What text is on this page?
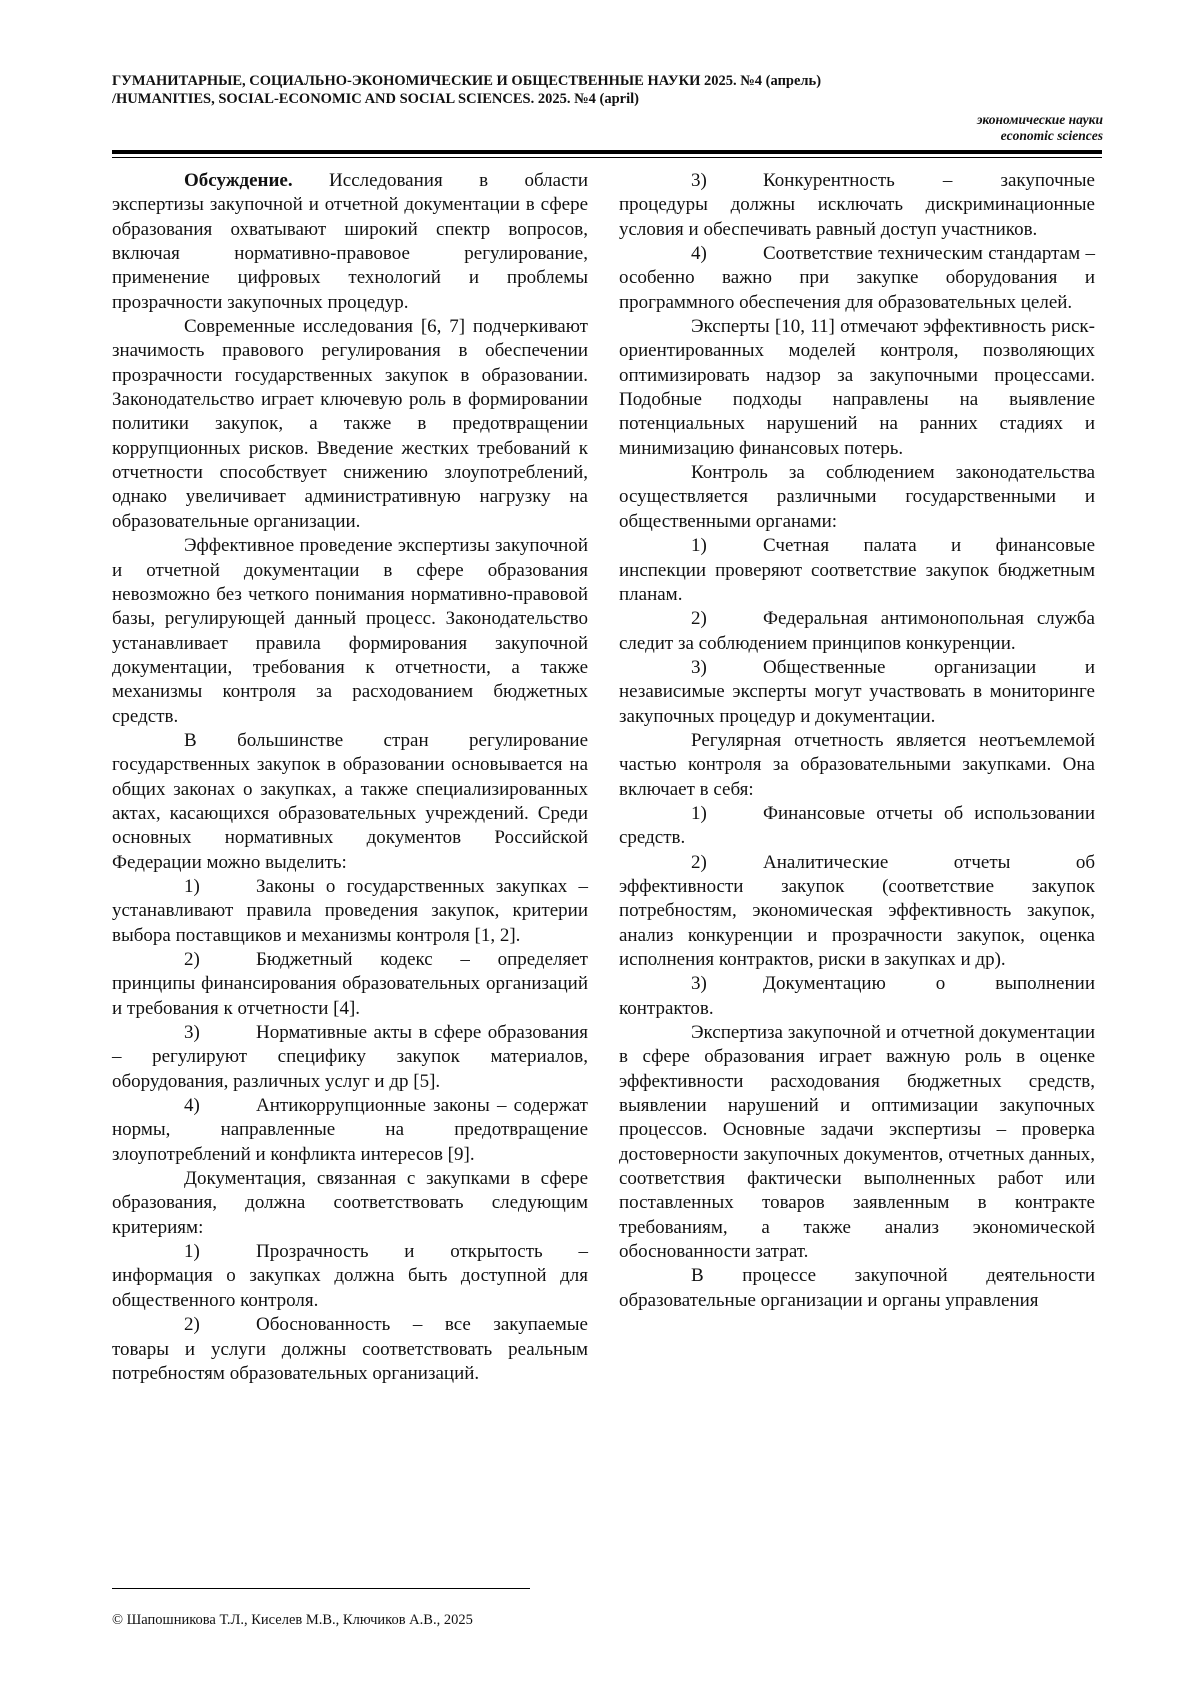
ГУМАНИТАРНЫЕ, СОЦИАЛЬНО-ЭКОНОМИЧЕСКИЕ И ОБЩЕСТВЕННЫЕ НАУКИ 2025. №4 (апрель)
/HUMANITIES, SOCIAL-ECONOMIC AND SOCIAL SCIENCES. 2025. №4 (april)
экономические науки
economic sciences

Обсуждение. Исследования в области экспертизы закупочной и отчетной документации в сфере образования охватывают широкий спектр вопросов, включая нормативно-правовое регулирование, применение цифровых технологий и проблемы прозрачности закупочных процедур.

Современные исследования [6, 7] подчеркивают значимость правового регулирования в обеспечении прозрачности государственных закупок в образовании. Законодательство играет ключевую роль в формировании политики закупок, а также в предотвращении коррупционных рисков. Введение жестких требований к отчетности способствует снижению злоупотреблений, однако увеличивает административную нагрузку на образовательные организации.

Эффективное проведение экспертизы закупочной и отчетной документации в сфере образования невозможно без четкого понимания нормативно-правовой базы, регулирующей данный процесс. Законодательство устанавливает правила формирования закупочной документации, требования к отчетности, а также механизмы контроля за расходованием бюджетных средств.

В большинстве стран регулирование государственных закупок в образовании основывается на общих законах о закупках, а также специализированных актах, касающихся образовательных учреждений. Среди основных нормативных документов Российской Федерации можно выделить:

1)	Законы о государственных закупках – устанавливают правила проведения закупок, критерии выбора поставщиков и механизмы контроля [1, 2].

2)	Бюджетный кодекс – определяет принципы финансирования образовательных организаций и требования к отчетности [4].

3)	Нормативные акты в сфере образования – регулируют специфику закупок материалов, оборудования, различных услуг и др [5].

4)	Антикоррупционные законы – содержат нормы, направленные на предотвращение злоупотреблений и конфликта интересов [9].

Документация, связанная с закупками в сфере образования, должна соответствовать следующим критериям:

1)	Прозрачность и открытость – информация о закупках должна быть доступной для общественного контроля.

2)	Обоснованность – все закупаемые товары и услуги должны соответствовать реальным потребностям образовательных организаций.

3)	Конкурентность – закупочные процедуры должны исключать дискриминационные условия и обеспечивать равный доступ участников.

4)	Соответствие техническим стандартам – особенно важно при закупке оборудования и программного обеспечения для образовательных целей.

Эксперты [10, 11] отмечают эффективность риск-ориентированных моделей контроля, позволяющих оптимизировать надзор за закупочными процессами. Подобные подходы направлены на выявление потенциальных нарушений на ранних стадиях и минимизацию финансовых потерь.

Контроль за соблюдением законодательства осуществляется различными государственными и общественными органами:

1)	Счетная палата и финансовые инспекции проверяют соответствие закупок бюджетным планам.

2)	Федеральная антимонопольная служба следит за соблюдением принципов конкуренции.

3)	Общественные организации и независимые эксперты могут участвовать в мониторинге закупочных процедур и документации.

Регулярная отчетность является неотъемлемой частью контроля за образовательными закупками. Она включает в себя:

1)	Финансовые отчеты об использовании средств.

2)	Аналитические отчеты об эффективности закупок (соответствие закупок потребностям, экономическая эффективность закупок, анализ конкуренции и прозрачности закупок, оценка исполнения контрактов, риски в закупках и др).

3)	Документацию о выполнении контрактов.

Экспертиза закупочной и отчетной документации в сфере образования играет важную роль в оценке эффективности расходования бюджетных средств, выявлении нарушений и оптимизации закупочных процессов. Основные задачи экспертизы – проверка достоверности закупочных документов, отчетных данных, соответствия фактически выполненных работ или поставленных товаров заявленным в контракте требованиям, а также анализ экономической обоснованности затрат.

В процессе закупочной деятельности образовательные организации и органы управления

© Шапошникова Т.Л., Киселев М.В., Ключиков А.В., 2025
